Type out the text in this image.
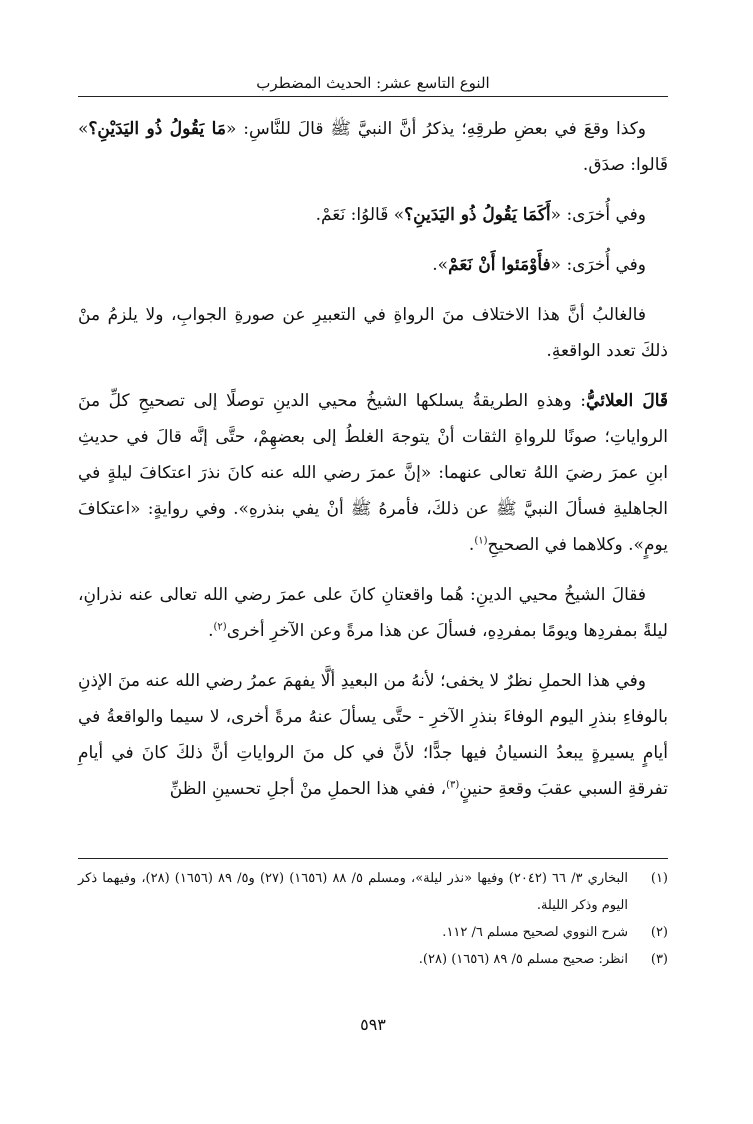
النوع التاسع عشر: الحديث المضطرب

وكذا وقعَ في بعضِ طرقِهِ؛ يذكرُ أنَّ النبيَّ ﷺ قالَ للنَّاسِ: «مَا يَقُولُ ذُو اليَدَيْنِ؟» قَالوا: صدَق.

وفي أُخرَى: «أَكَمَا يَقُولُ ذُو اليَدَينِ؟» قَالوُا: نَعَمْ.

وفي أُخرَى: «فأَوْمَئوا أَنْ نَعَمْ».

فالغالبُ أنَّ هذا الاختلاف منَ الرواةِ في التعبيرِ عن صورةِ الجوابِ، ولا يلزمُ منْ ذلكَ تعدد الواقعةِ.

قَالَ العلائيُّ: وهذهِ الطريقةُ يسلكها الشيخُ محيي الدينِ توصلًا إلى تصحيحِ كلِّ منَ الرواياتِ؛ صونًا للرواةِ الثقات أنْ يتوجهَ الغلطُ إلى بعضهِمْ، حتَّى إنَّه قالَ في حديثِ ابنِ عمرَ رضيَ اللهُ تعالى عنهما: «إنَّ عمرَ رضي الله عنه كانَ نذرَ اعتكافَ ليلةٍ في الجاهليةِ فسألَ النبيَّ ﷺ عن ذلكَ، فأمرهُ ﷺ أنْ يفي بنذرهِ». وفي روايةٍ: «اعتكافَ يومٍ». وكلاهما في الصحيحِ$^{(١)}$.

فقالَ الشيخُ محيي الدينِ: هُما واقعتانِ كانَ على عمرَ رضي الله تعالى عنه نذرانِ، ليلةً بمفردِها ويومًا بمفردِهِ، فسألَ عن هذا مرةً وعن الآخرِ أخرى$^{(٢)}$.

وفي هذا الحملِ نظرٌ لا يخفى؛ لأنهُ من البعيدِ ألَّا يفهمَ عمرُ رضي الله عنه منَ الإذنِ بالوفاءِ بنذرِ اليوم الوفاءَ بنذرِ الآخرِ - حتَّى يسألَ عنهُ مرةً أخرى، لا سيما والواقعةُ في أيامٍ يسيرةٍ يبعدُ النسيانُ فيها جدًّا؛ لأنَّ في كل منَ الرواياتِ أنَّ ذلكَ كانَ في أيامِ تفرقةِ السبي عقبَ وقعةِ حنينٍ$^{(٣)}$، ففي هذا الحملِ منْ أجلِ تحسينِ الظنِّ

(١)
البخاري ٣/ ٦٦ (٢٠٤٢) وفيها «نذر ليلة»، ومسلم ٥/ ٨٨ (١٦٥٦) (٢٧) و٥/ ٨٩ (١٦٥٦) (٢٨)، وفيهما ذكر اليوم وذكر الليلة.
(٢)
شرح النووي لصحيح مسلم ٦/ ١١٢.
(٣)
انظر: صحيح مسلم ٥/ ٨٩ (١٦٥٦) (٢٨).
٥٩٣
